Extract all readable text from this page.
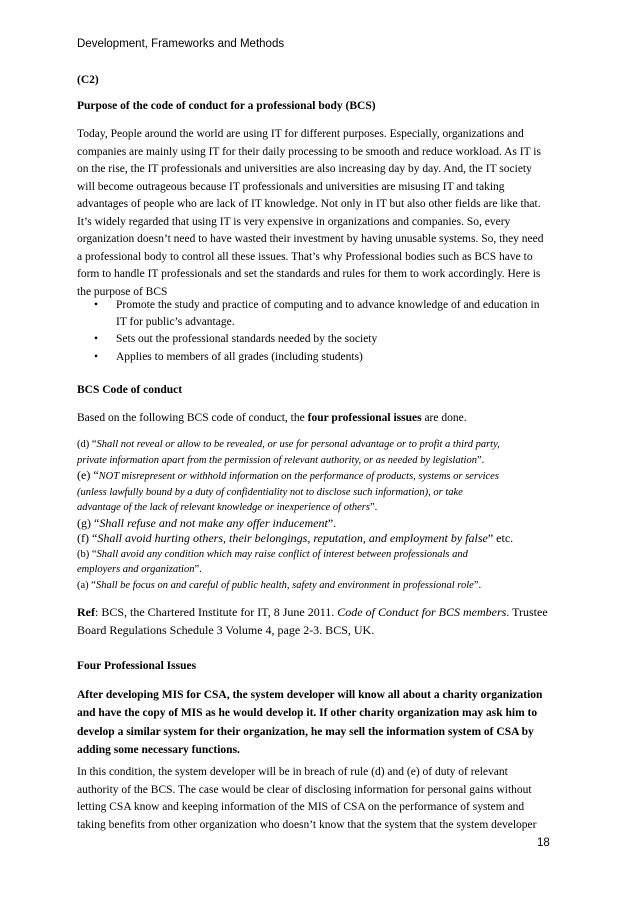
Development, Frameworks and Methods
(C2)
Purpose of the code of conduct for a professional body (BCS)
Today, People around the world are using IT for different purposes. Especially, organizations and
companies are mainly using IT for their daily processing to be smooth and reduce workload. As IT is
on the rise, the IT professionals and universities are also increasing day by day. And, the IT society
will become outrageous because IT professionals and universities are misusing IT and taking
advantages of people who are lack of IT knowledge. Not only in IT but also other fields are like that.
It’s widely regarded that using IT is very expensive in organizations and companies. So, every
organization doesn’t need to have wasted their investment by having unusable systems. So, they need
a professional body to control all these issues. That’s why Professional bodies such as BCS have to
form to handle IT professionals and set the standards and rules for them to work accordingly. Here is
the purpose of BCS
• Promote the study and practice of computing and to advance knowledge of and education in
IT for public’s advantage.
• Sets out the professional standards needed by the society
• Applies to members of all grades (including students)
BCS Code of conduct
Based on the following BCS code of conduct, the four professional issues are done.
(d) “Shall not reveal or allow to be revealed, or use for personal advantage or to profit a third party,
private information apart from the permission of relevant authority, or as needed by legislation”.
(e) “NOT misrepresent or withhold information on the performance of products, systems or services
(unless lawfully bound by a duty of confidentiality not to disclose such information), or take
advantage of the lack of relevant knowledge or inexperience of others”.
(g) “Shall refuse and not make any offer inducement”.
(f) “Shall avoid hurting others, their belongings, reputation, and employment by false” etc.
(b) “Shall avoid any condition which may raise conflict of interest between professionals and
employers and organization”.
(a) “Shall be focus on and careful of public health, safety and environment in professional role”.
Ref: BCS, the Chartered Institute for IT, 8 June 2011. Code of Conduct for BCS members. Trustee
Board Regulations Schedule 3 Volume 4, page 2-3. BCS, UK.
Four Professional Issues
After developing MIS for CSA, the system developer will know all about a charity organization
and have the copy of MIS as he would develop it. If other charity organization may ask him to
develop a similar system for their organization, he may sell the information system of CSA by
adding some necessary functions.
In this condition, the system developer will be in breach of rule (d) and (e) of duty of relevant
authority of the BCS. The case would be clear of disclosing information for personal gains without
letting CSA know and keeping information of the MIS of CSA on the performance of system and
taking benefits from other organization who doesn’t know that the system that the system developer
18
